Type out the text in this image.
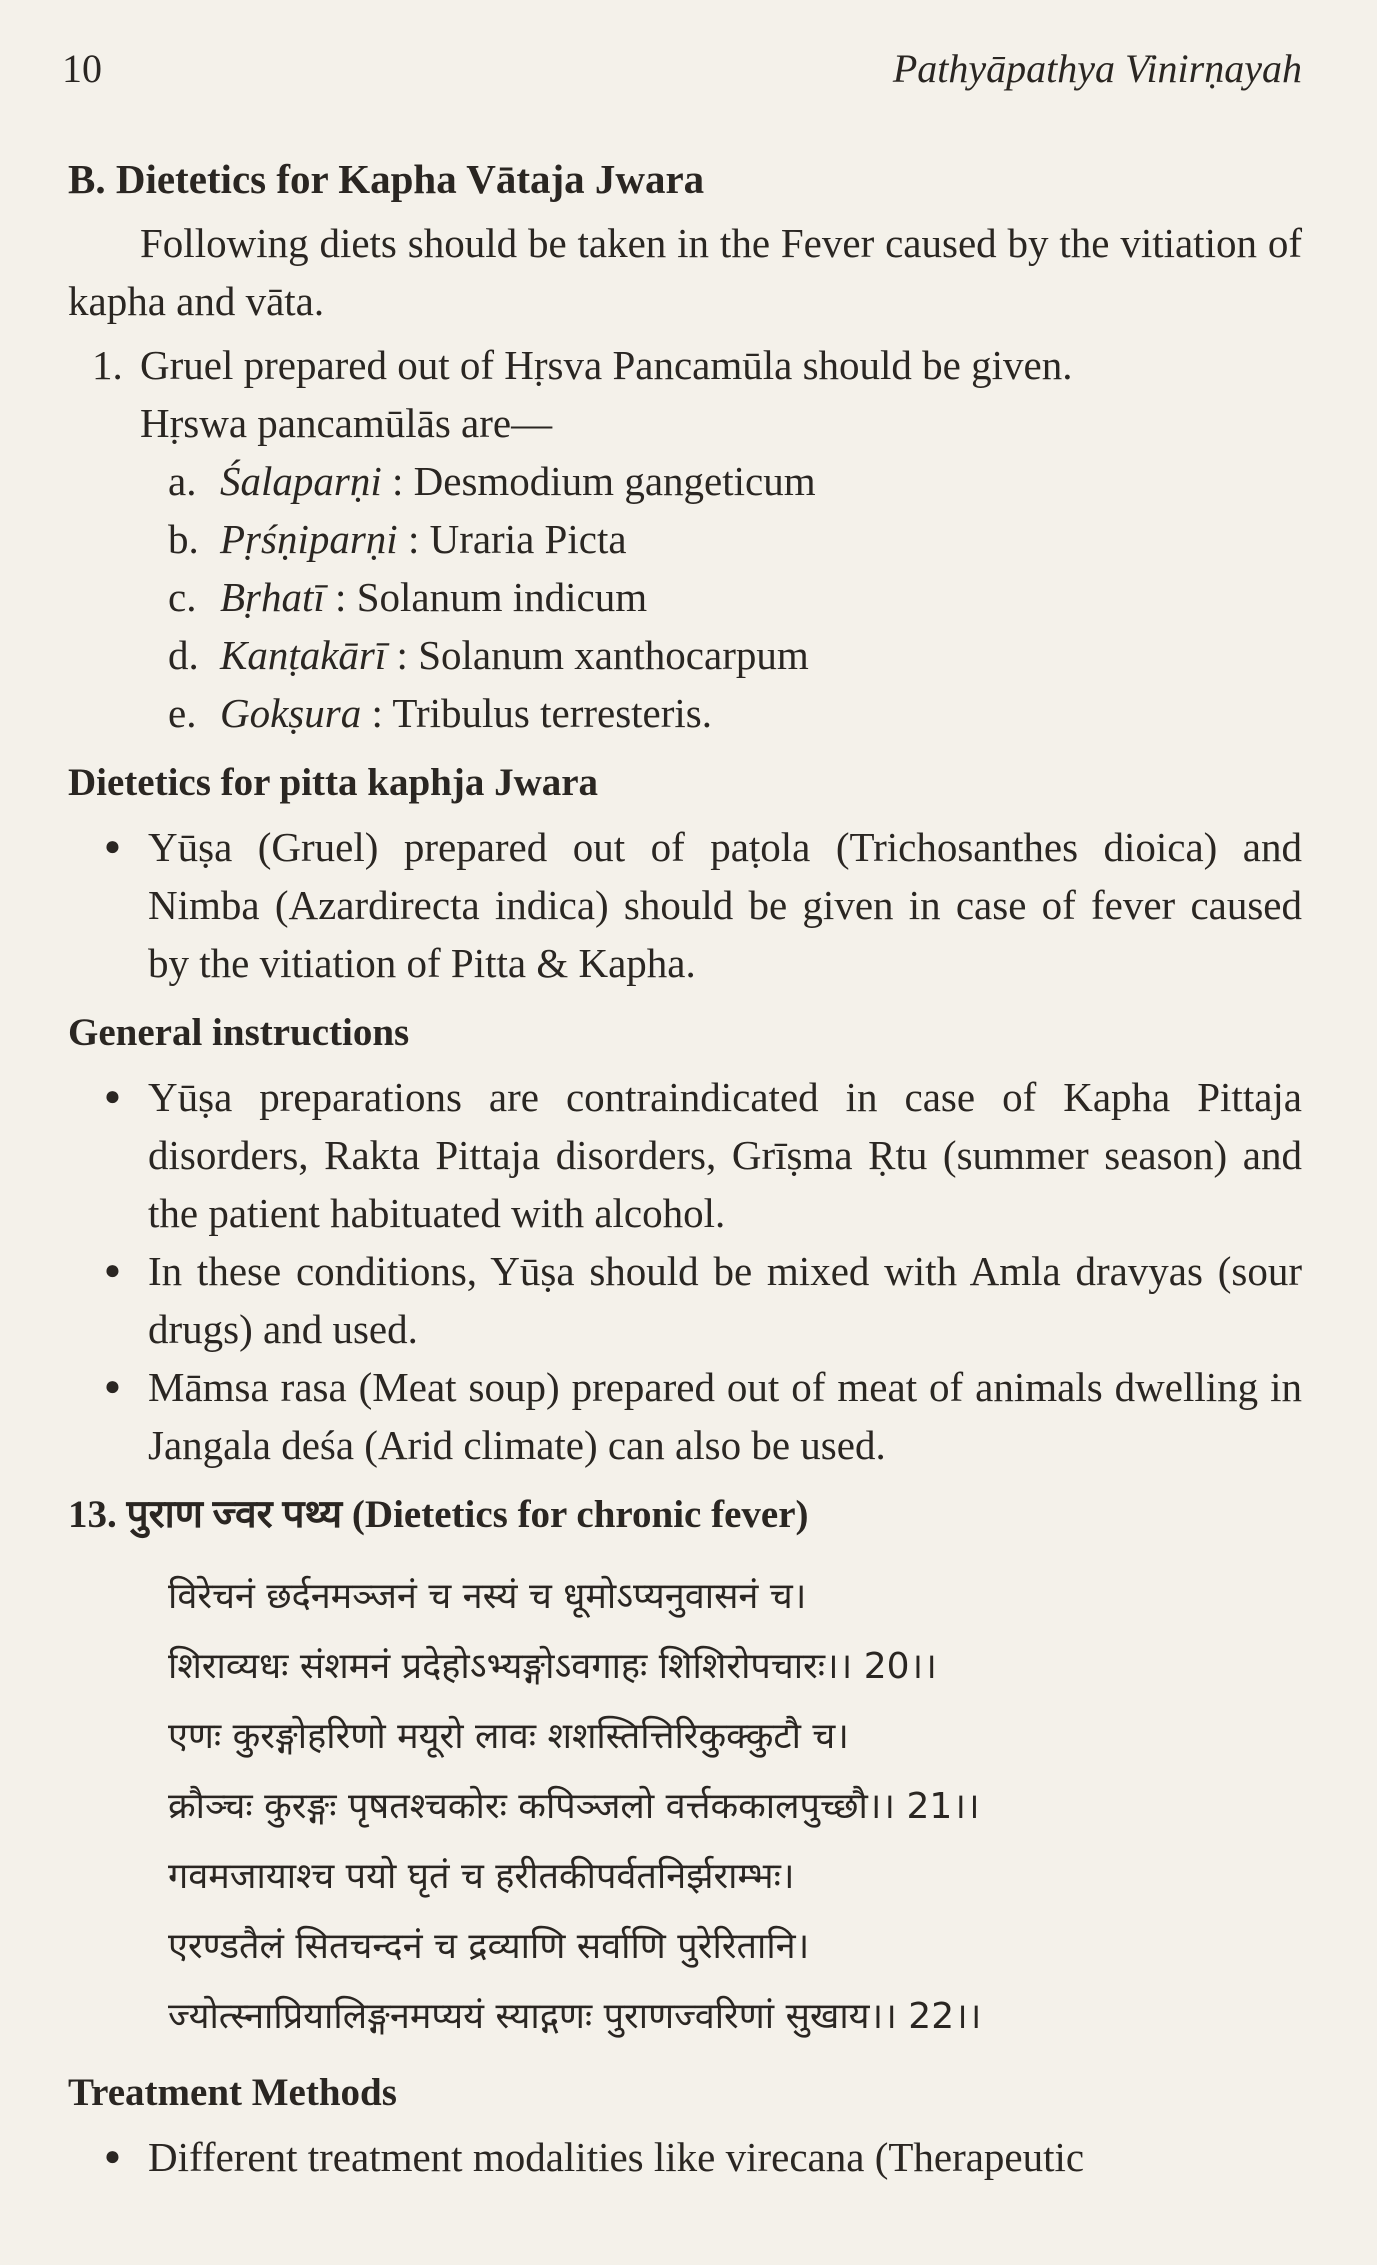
10	Pathyāpathya Vinirṇayah
B. Dietetics for Kapha Vātaja Jwara

Following diets should be taken in the Fever caused by the vitiation of kapha and vāta.

1. Gruel prepared out of Hṛsva Pancamūla should be given.
Hṛswa pancamūlās are—
a. Śalaparṇi : Desmodium gangeticum
b. Pṛśṇiparṇi : Uraria Picta
c. Bṛhatī : Solanum indicum
d. Kanṭakārī : Solanum xanthocarpum
e. Gokṣura : Tribulus terresteris.
Dietetics for pitta kaphja Jwara
● Yūṣa (Gruel) prepared out of paṭola (Trichosanthes dioica) and Nimba (Azardirecta indica) should be given in case of fever caused by the vitiation of Pitta & Kapha.
General instructions
● Yūṣa preparations are contraindicated in case of Kapha Pittaja disorders, Rakta Pittaja disorders, Grīṣma Ṛtu (summer season) and the patient habituated with alcohol.
● In these conditions, Yūṣa should be mixed with Amla dravyas (sour drugs) and used.
● Māmsa rasa (Meat soup) prepared out of meat of animals dwelling in Jangala deśa (Arid climate) can also be used.
13. पुराण ज्वर पथ्य (Dietetics for chronic fever)
विरेचनं छर्दनमञ्जनं च नस्यं च धूमोऽप्यनुवासनं च।
शिराव्यधः संशमनं प्रदेहोऽभ्यङ्गोऽवगाहः शिशिरोपचारः।। 20।।
एणः कुरङ्गोहरिणो मयूरो लावः शशस्तित्तिरिकुक्कुटौ च।
क्रौञ्चः कुरङ्गः पृषतश्चकोरः कपिञ्जलो वर्त्तककालपुच्छौ।। 21।।
गवमजायाश्च पयो घृतं च हरीतकीपर्वतनिर्झराम्भः।
एरण्डतैलं सितचन्दनं च द्रव्याणि सर्वाणि पुरेरितानि।
ज्योत्स्नाप्रियालिङ्गनमप्ययं स्याद्गणः पुराणज्वरिणां सुखाय।। 22।।
Treatment Methods
● Different treatment modalities like virecana (Therapeutic
